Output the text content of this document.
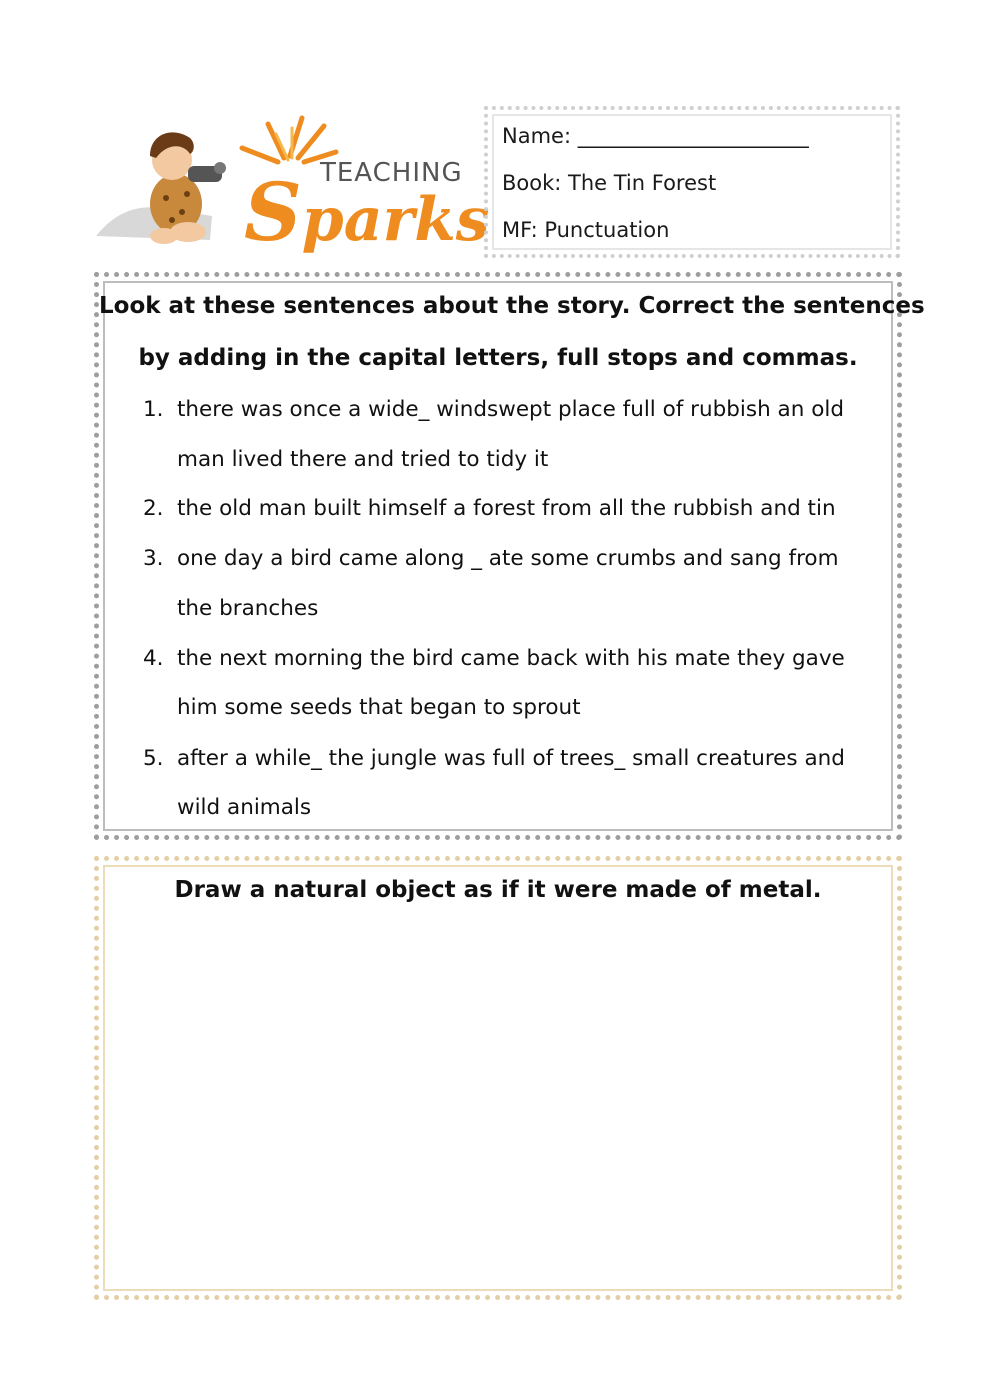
TEACHING
Sparks
Name: ______________________
Book: The Tin Forest
MF: Punctuation
Look at these sentences about the story. Correct the sentences
by adding in the capital letters, full stops and commas.
1. there was once a wide_ windswept place full of rubbish an old
man lived there and tried to tidy it
2. the old man built himself a forest from all the rubbish and tin
3. one day a bird came along _ ate some crumbs and sang from
the branches
4. the next morning the bird came back with his mate they gave
him some seeds that began to sprout
5. after a while_ the jungle was full of trees_ small creatures and
wild animals
Draw a natural object as if it were made of metal.
